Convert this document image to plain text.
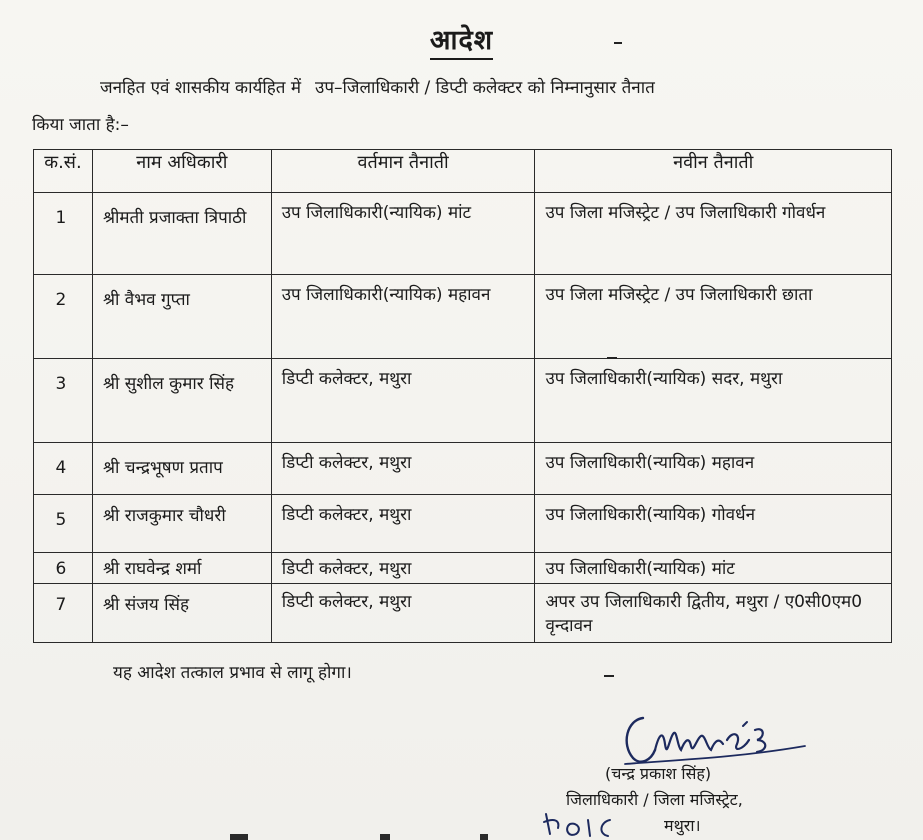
आदेश
जनहित एवं शासकीय कार्यहित में उप–जिलाधिकारी / डिप्टी कलेक्टर को निम्नानुसार तैनात
किया जाता है:–
क.सं.	नाम अधिकारी	वर्तमान तैनाती	नवीन तैनाती

1	श्रीमती प्रजाक्ता त्रिपाठी	उप जिलाधिकारी(न्यायिक) मांट	उप जिला मजिस्ट्रेट / उप जिलाधिकारी गोवर्धन

2	श्री वैभव गुप्ता	उप जिलाधिकारी(न्यायिक) महावन	उप जिला मजिस्ट्रेट / उप जिलाधिकारी छाता

3	श्री सुशील कुमार सिंह	डिप्टी कलेक्टर, मथुरा	उप जिलाधिकारी(न्यायिक) सदर, मथुरा

4	श्री चन्द्रभूषण प्रताप	डिप्टी कलेक्टर, मथुरा	उप जिलाधिकारी(न्यायिक) महावन

5	श्री राजकुमार चौधरी	डिप्टी कलेक्टर, मथुरा	उप जिलाधिकारी(न्यायिक) गोवर्धन

6	श्री राघवेन्द्र शर्मा	डिप्टी कलेक्टर, मथुरा	उप जिलाधिकारी(न्यायिक) मांट

7	श्री संजय सिंह	डिप्टी कलेक्टर, मथुरा	अपर उप जिलाधिकारी द्वितीय, मथुरा / ए0सी0एम0 वृन्दावन
यह आदेश तत्काल प्रभाव से लागू होगा।
(चन्द्र प्रकाश सिंह)
जिलाधिकारी / जिला मजिस्ट्रेट,
मथुरा।
